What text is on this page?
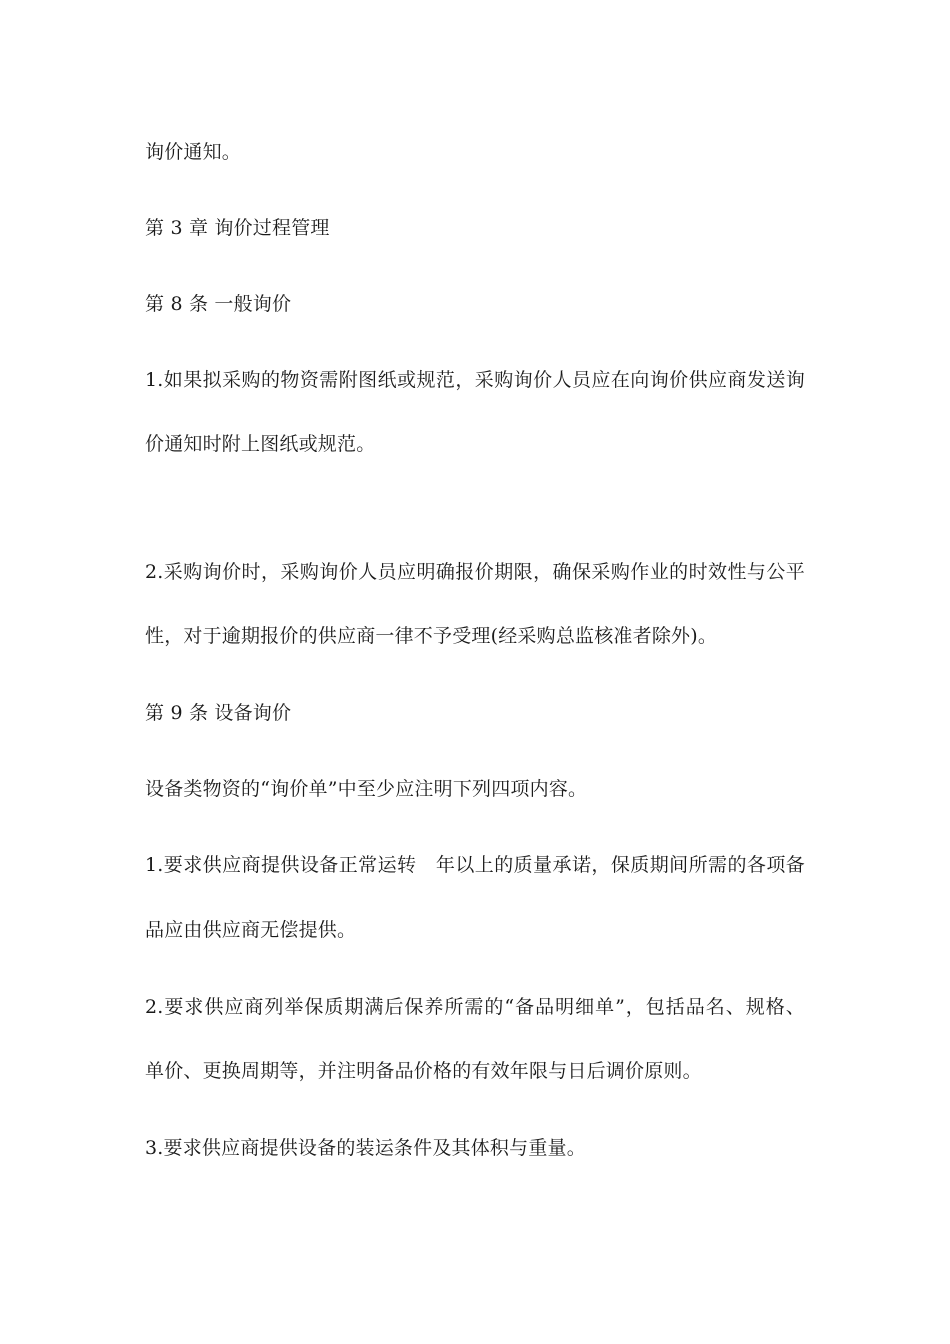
询价通知。
第 3 章 询价过程管理
第 8 条 一般询价
1.如果拟采购的物资需附图纸或规范，采购询价人员应在向询价供应商发送询
价通知时附上图纸或规范。
2.采购询价时，采购询价人员应明确报价期限，确保采购作业的时效性与公平
性，对于逾期报价的供应商一律不予受理(经采购总监核准者除外)。
第 9 条 设备询价
设备类物资的“询价单”中至少应注明下列四项内容。
1.要求供应商提供设备正常运转　年以上的质量承诺，保质期间所需的各项备
品应由供应商无偿提供。
2.要求供应商列举保质期满后保养所需的“备品明细单”，包括品名、规格、
单价、更换周期等，并注明备品价格的有效年限与日后调价原则。
3.要求供应商提供设备的装运条件及其体积与重量。
